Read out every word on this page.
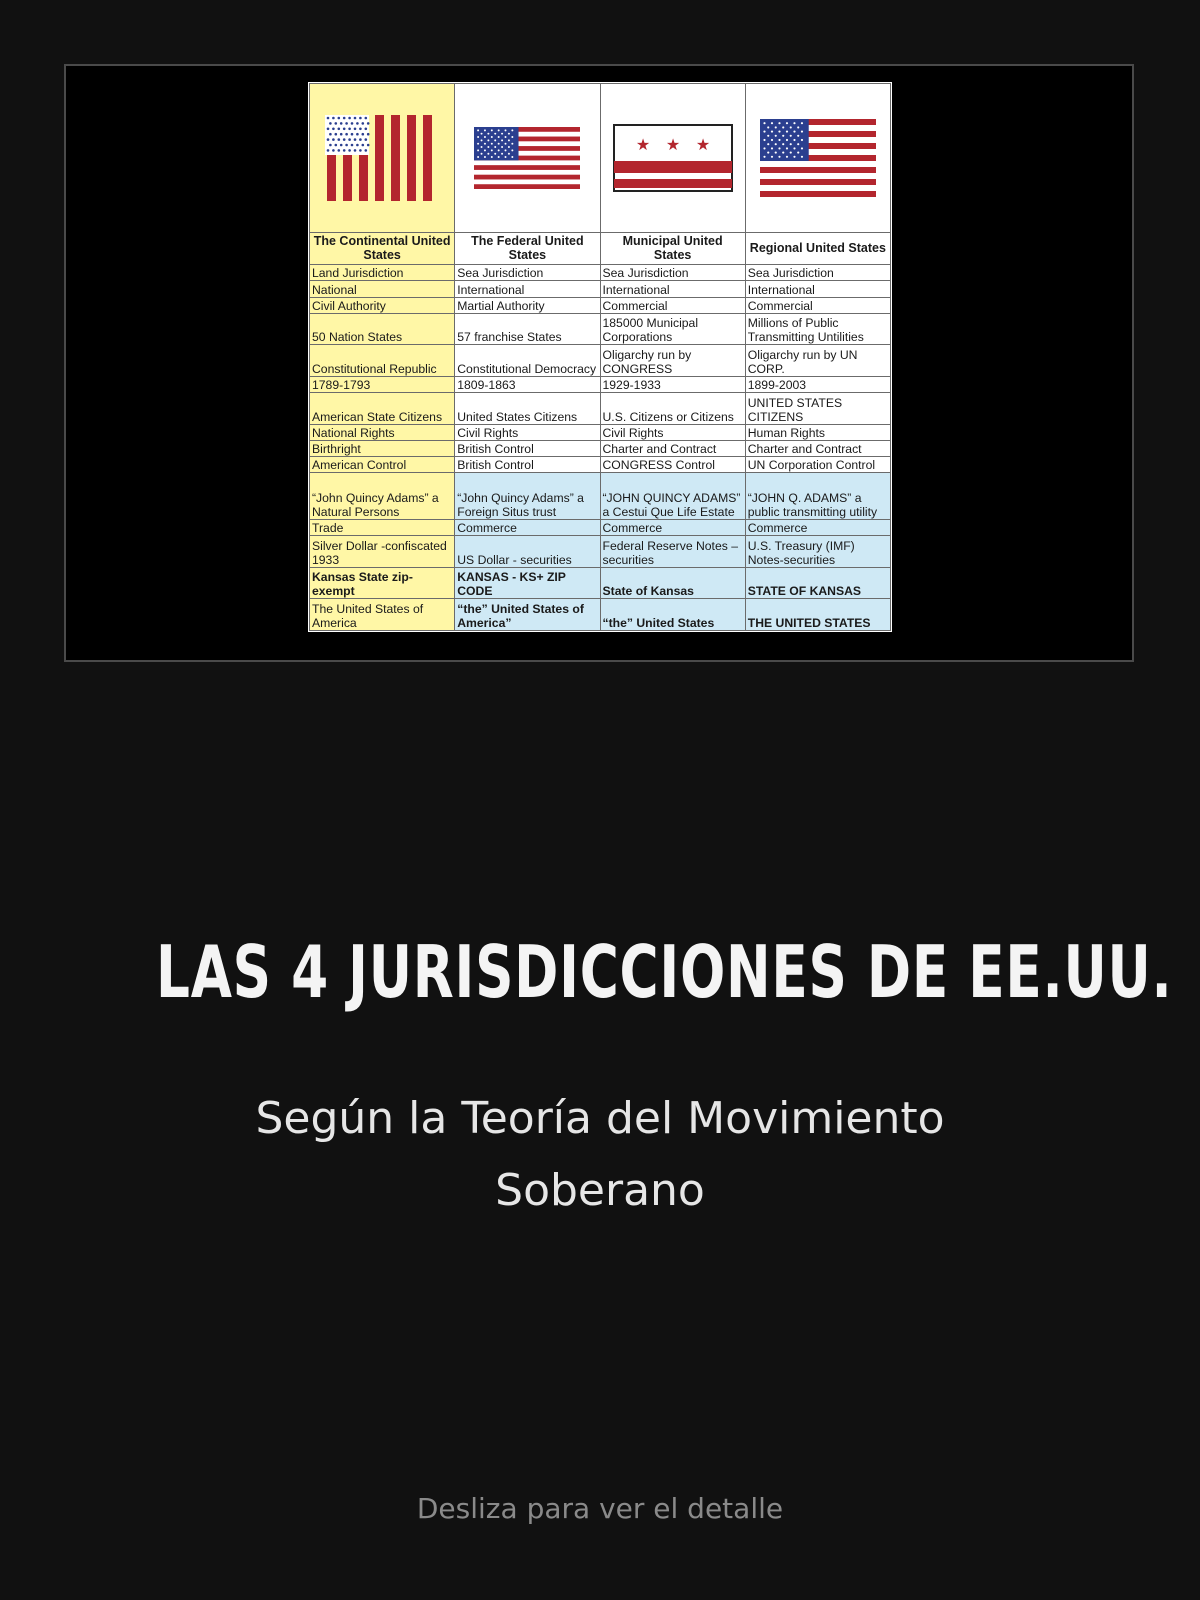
★ ★ ★

The Continental United States	The Federal United States	Municipal United States	Regional United States
Land Jurisdiction	Sea Jurisdiction	Sea Jurisdiction	Sea Jurisdiction
National	International	International	International
Civil Authority	Martial Authority	Commercial	Commercial
50 Nation States	57 franchise States	185000 Municipal Corporations	Millions of Public Transmitting Untilities
Constitutional Republic	Constitutional Democracy	Oligarchy run by CONGRESS	Oligarchy run by UN CORP.
1789-1793	1809-1863	1929-1933	1899-2003
American State Citizens	United States Citizens	U.S. Citizens or Citizens	UNITED STATES CITIZENS
National Rights	Civil Rights	Civil Rights	Human Rights
Birthright	British Control	Charter and Contract	Charter and Contract
American Control	British Control	CONGRESS Control	UN Corporation Control
“John Quincy Adams” a Natural Persons	“John Quincy Adams” a Foreign Situs trust	“JOHN QUINCY ADAMS” a Cestui Que Life Estate	“JOHN Q. ADAMS” a public transmitting utility
Trade	Commerce	Commerce	Commerce
Silver Dollar -confiscated 1933	US Dollar - securities	Federal Reserve Notes – securities	U.S. Treasury (IMF) Notes-securities
Kansas State zip-exempt	KANSAS - KS+ ZIP CODE	State of Kansas	STATE OF KANSAS
The United States of America	“the” United States of America”	“the” United States	THE UNITED STATES
LAS 4 JURISDICCIONES DE EE.UU.
Según la Teoría del Movimiento Soberano
Desliza para ver el detalle
